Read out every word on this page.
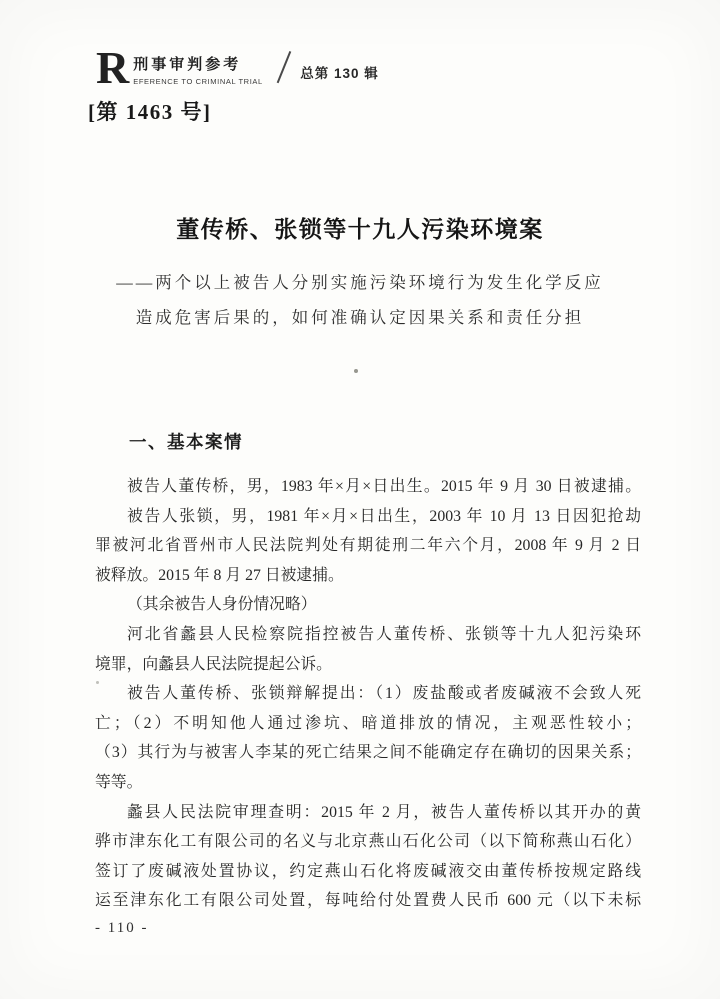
R 刑事审判参考
EFERENCE TO CRIMINAL TRIAL
总第 130 辑
[第 1463 号]
董传桥、张锁等十九人污染环境案
——两个以上被告人分别实施污染环境行为发生化学反应
造成危害后果的，如何准确认定因果关系和责任分担
一、基本案情
被告人董传桥，男，1983 年×月×日出生。2015 年 9 月 30 日被逮捕。
被告人张锁，男，1981 年×月×日出生，2003 年 10 月 13 日因犯抢劫
罪被河北省晋州市人民法院判处有期徒刑二年六个月，2008 年 9 月 2 日
被释放。2015 年 8 月 27 日被逮捕。
（其余被告人身份情况略）
河北省蠡县人民检察院指控被告人董传桥、张锁等十九人犯污染环
境罪，向蠡县人民法院提起公诉。
被告人董传桥、张锁辩解提出：（1）废盐酸或者废碱液不会致人死
亡；（2）不明知他人通过渗坑、暗道排放的情况，主观恶性较小；
（3）其行为与被害人李某的死亡结果之间不能确定存在确切的因果关系；
等等。
蠡县人民法院审理查明：2015 年 2 月，被告人董传桥以其开办的黄
骅市津东化工有限公司的名义与北京燕山石化公司（以下简称燕山石化）
签订了废碱液处置协议，约定燕山石化将废碱液交由董传桥按规定路线
运至津东化工有限公司处置，每吨给付处置费人民币 600 元（以下未标
- 110 -
